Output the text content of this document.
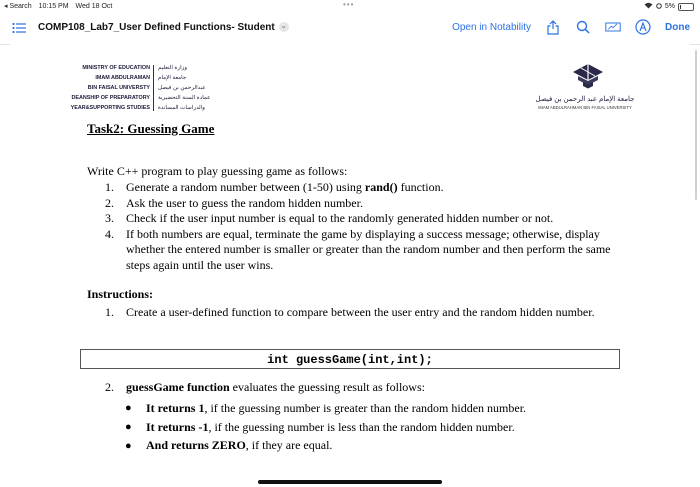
◂ Search 10:15 PM Wed 18 Oct	•••	5%
COMP108_Lab7_User Defined Functions- Student ⌄	Open in Notability	Done
MINISTRY OF EDUCATION
IMAM ABDULRAMAN
BIN FAISAL UNIVERSTY
DEANSHIP OF PREPARATORY
YEAR&SUPPORTING STUDIES
وزارة التعليم
جامعة الإمام
عبدالرحمن بن فيصل
عمادة السنة التحضيرية
والدراسات المساندة
جامعة الإمام عبد الرحمن بن فيصل
IMAM ABDULRAHMAN BIN FAISAL UNIVERSITY
Task2: Guessing Game
Write C++ program to play guessing game as follows:
1.	Generate a random number between (1-50) using rand() function.
2.	Ask the user to guess the random hidden number.
3.	Check if the user input number is equal to the randomly generated hidden number or not.
4.	If both numbers are equal, terminate the game by displaying a success message; otherwise, display whether the entered number is smaller or greater than the random number and then perform the same steps again until the user wins.
Instructions:
1.	Create a user-defined function to compare between the user entry and the random hidden number.
int guessGame(int,int);
2.	guessGame function evaluates the guessing result as follows:
●	It returns 1, if the guessing number is greater than the random hidden number.
●	It returns -1, if the guessing number is less than the random hidden number.
●	And returns ZERO, if they are equal.
